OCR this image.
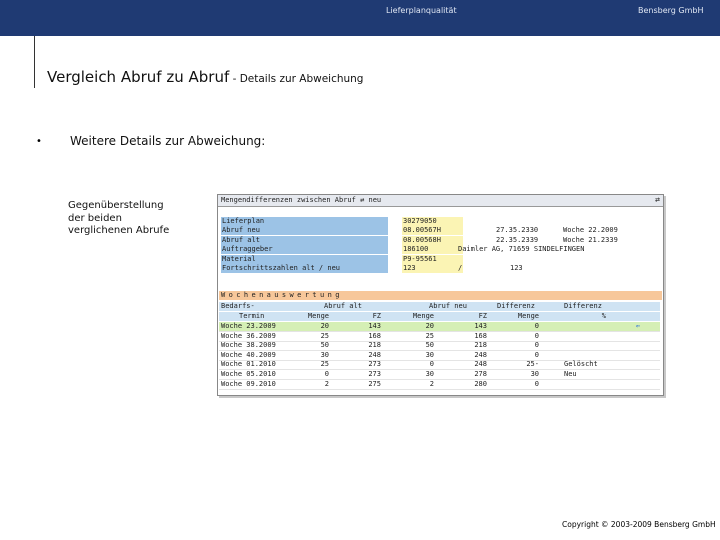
Lieferplanqualität	Bensberg GmbH
Vergleich Abruf zu Abruf - Details zur Abweichung
• Weitere Details zur Abweichung:
Gegenüberstellung
der beiden
verglichenen Abrufe
Mengendifferenzen zwischen Abruf ⇄ neu	⇄
Lieferplan	30279050
Abruf neu	08.00567H	27.35.2330	Woche 22.2009
Abruf alt	08.00568H	22.35.2339	Woche 21.2339
Auftraggeber	186100	Daimler AG, 71659 SINDELFINGEN
Material	P9-95561
Fortschrittszahlen alt / neu	123	/	123
Wochenauswertung
Bedarfs-	Abruf alt	Abruf neu	Differenz	Differenz
Termin	Menge	FZ	Menge	FZ	Menge	%
Woche 23.2009	20	143	20	143	0	⇐
Woche 36.2009	25	168	25	168	0
Woche 38.2009	50	218	50	218	0
Woche 40.2009	30	248	30	248	0
Woche 01.2010	25	273	0	248	25-	Gelöscht
Woche 05.2010	0	273	30	278	30	Neu
Woche 09.2010	2	275	2	280	0
Copyright © 2003-2009 Bensberg GmbH
